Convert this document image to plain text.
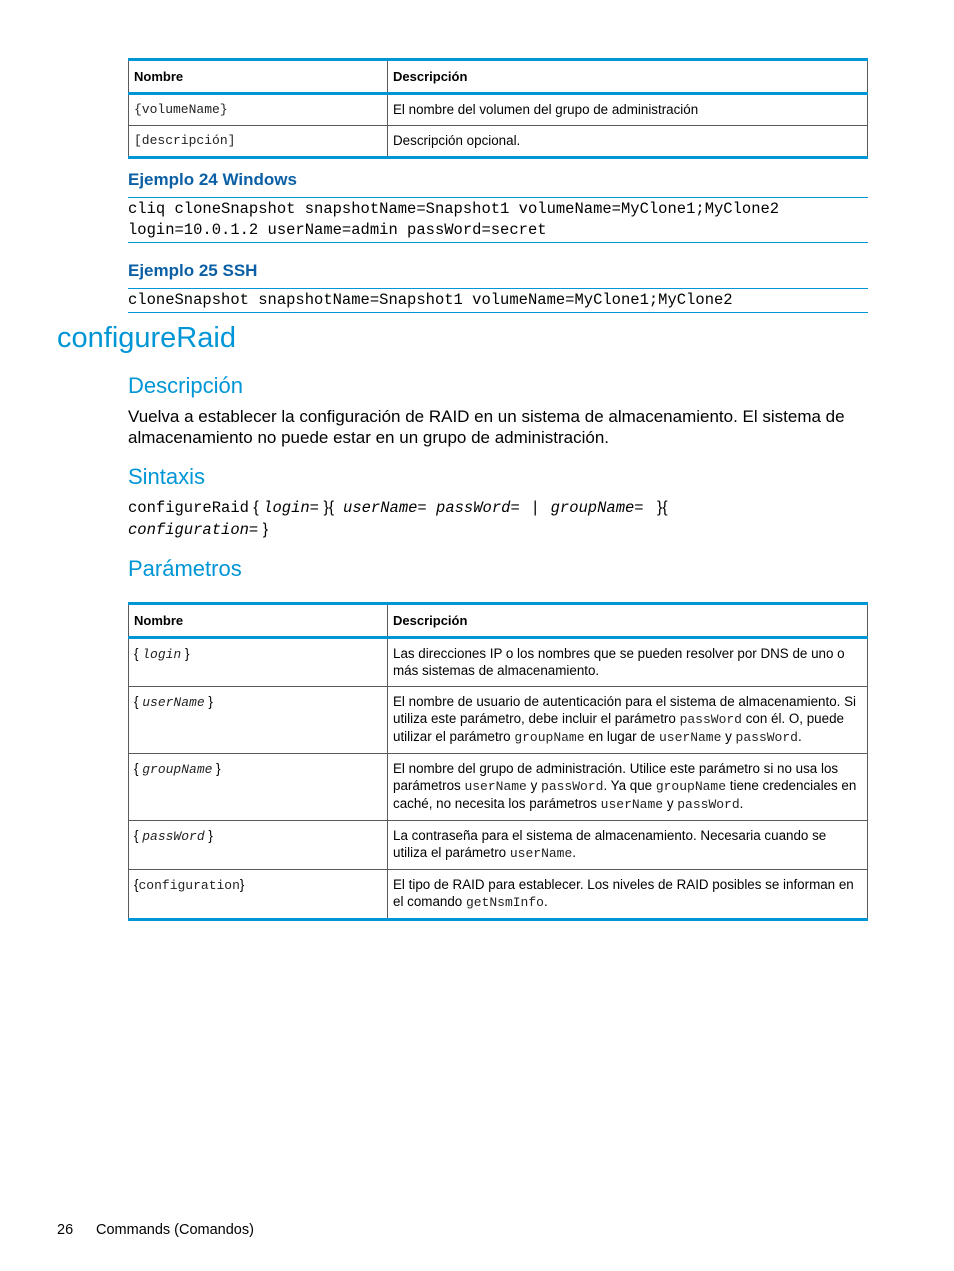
Nombre	Descripción
{volumeName}	El nombre del volumen del grupo de administración
[descripción]	Descripción opcional.
Ejemplo 24 Windows
cliq cloneSnapshot snapshotName=Snapshot1 volumeName=MyClone1;MyClone2
login=10.0.1.2 userName=admin passWord=secret
Ejemplo 25 SSH
cloneSnapshot snapshotName=Snapshot1 volumeName=MyClone1;MyClone2
configureRaid
Descripción
Vuelva a establecer la configuración de RAID en un sistema de almacenamiento. El sistema de almacenamiento no puede estar en un grupo de administración.
Sintaxis
configureRaid { login= }{ userName= passWord= | groupName= }{
configuration= }
Parámetros
Nombre	Descripción
{ login }	Las direcciones IP o los nombres que se pueden resolver por DNS de uno o más sistemas de almacenamiento.
{ userName }	El nombre de usuario de autenticación para el sistema de almacenamiento. Si utiliza este parámetro, debe incluir el parámetro passWord con él. O, puede utilizar el parámetro groupName en lugar de userName y passWord.
{ groupName }	El nombre del grupo de administración. Utilice este parámetro si no usa los parámetros userName y passWord. Ya que groupName tiene credenciales en caché, no necesita los parámetros userName y passWord.
{ passWord }	La contraseña para el sistema de almacenamiento. Necesaria cuando se utiliza el parámetro userName.
{configuration}	El tipo de RAID para establecer. Los niveles de RAID posibles se informan en el comando getNsmInfo.
26 Commands (Comandos)
